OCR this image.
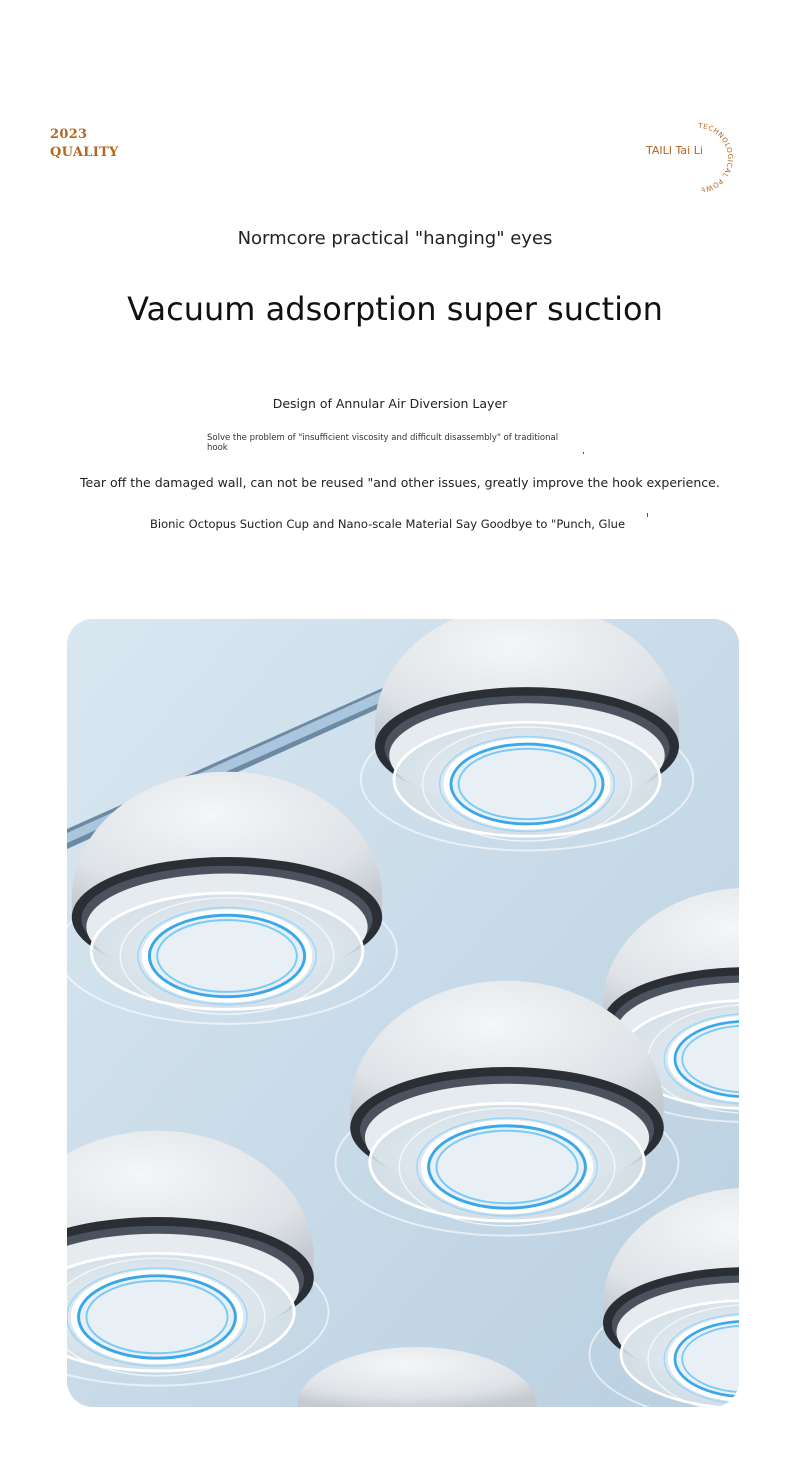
2023
QUALITY
TECHNOLOGICAL POWE
TAILI Tai Li
Normcore practical "hanging" eyes
Vacuum adsorption super suction
Design of Annular Air Diversion Layer
Solve the problem of "insufficient viscosity and difficult disassembly" of traditional hook
Tear off the damaged wall, can not be reused "and other issues, greatly improve the hook experience.
Bionic Octopus Suction Cup and Nano-scale Material Say Goodbye to "Punch, Glue
